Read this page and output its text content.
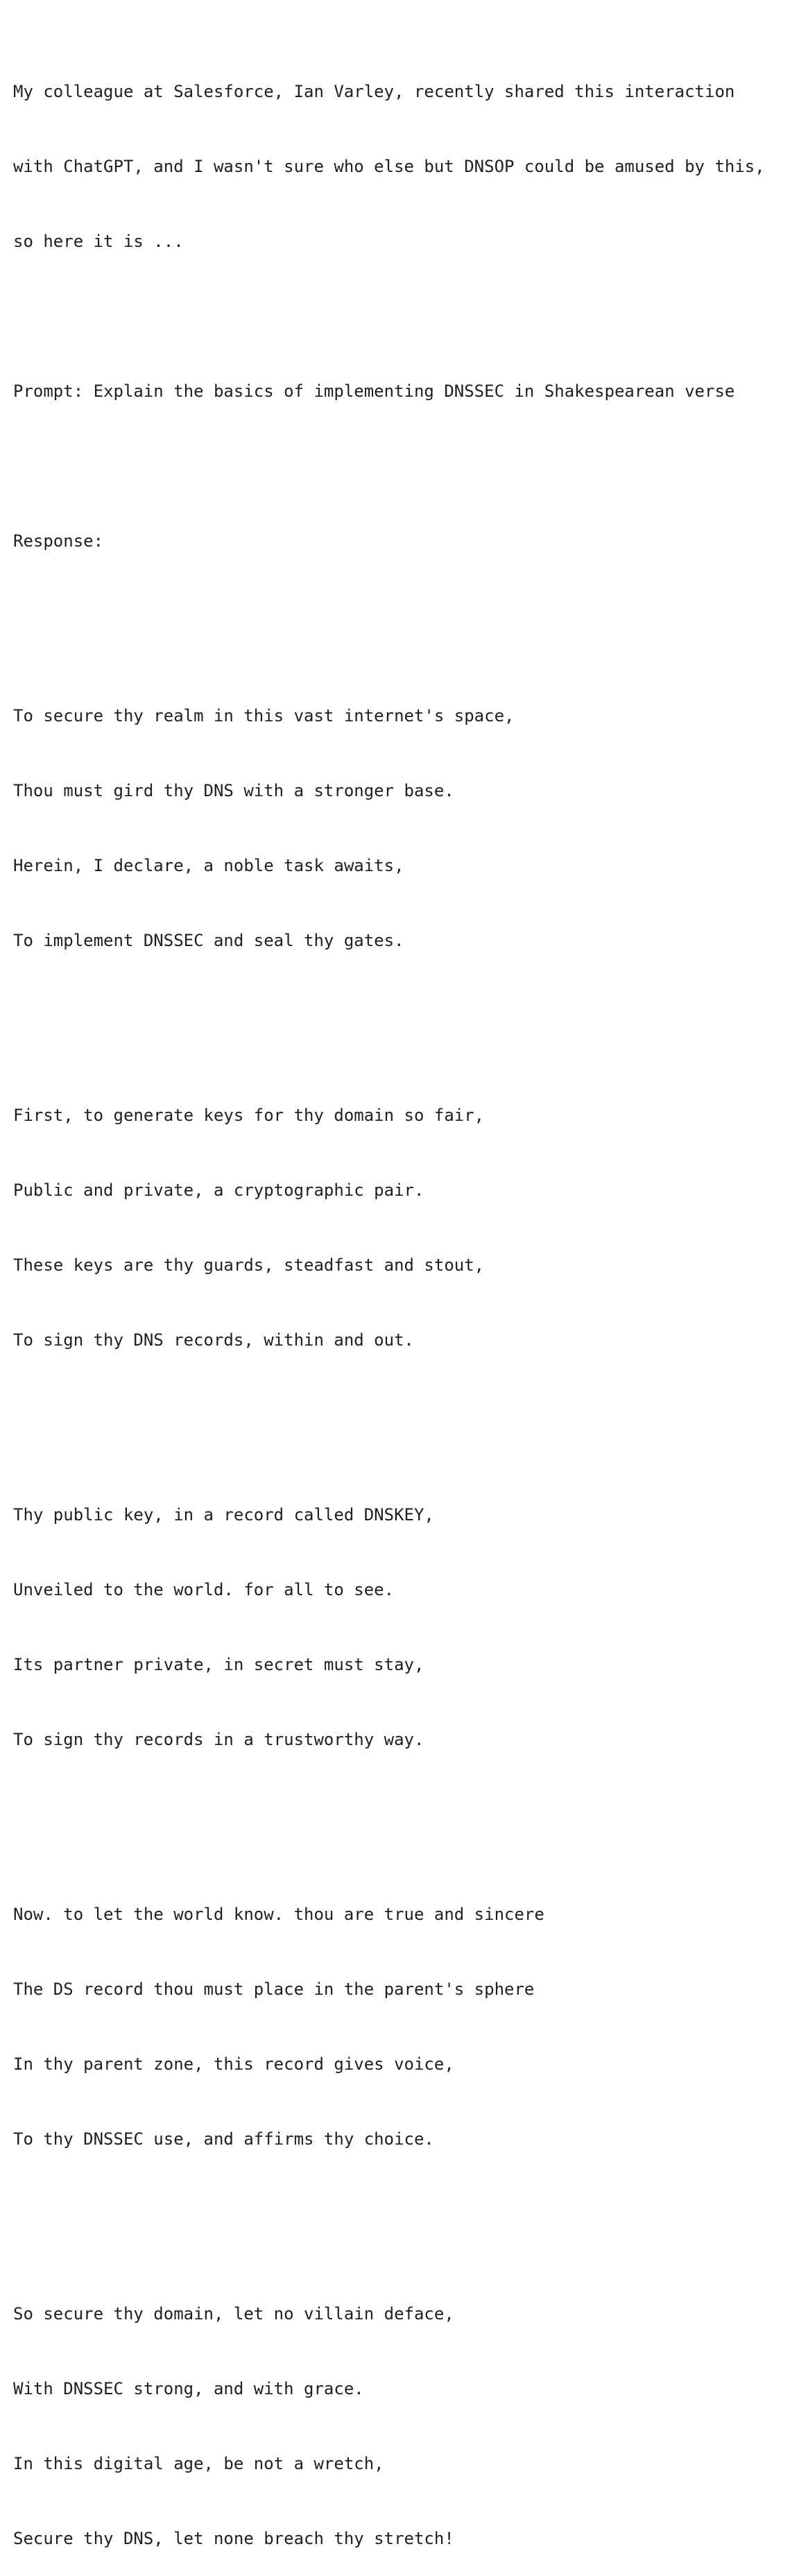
My colleague at Salesforce, Ian Varley, recently shared this interaction

with ChatGPT, and I wasn't sure who else but DNSOP could be amused by this,

so here it is ...

Prompt: Explain the basics of implementing DNSSEC in Shakespearean verse

Response:

To secure thy realm in this vast internet's space,

Thou must gird thy DNS with a stronger base.

Herein, I declare, a noble task awaits,

To implement DNSSEC and seal thy gates.

First, to generate keys for thy domain so fair,

Public and private, a cryptographic pair.

These keys are thy guards, steadfast and stout,

To sign thy DNS records, within and out.

Thy public key, in a record called DNSKEY,

Unveiled to the world. for all to see.

Its partner private, in secret must stay,

To sign thy records in a trustworthy way.

Now. to let the world know. thou are true and sincere

The DS record thou must place in the parent's sphere

In thy parent zone, this record gives voice,

To thy DNSSEC use, and affirms thy choice.

So secure thy domain, let no villain deface,

With DNSSEC strong, and with grace.

In this digital age, be not a wretch,

Secure thy DNS, let none breach thy stretch!
